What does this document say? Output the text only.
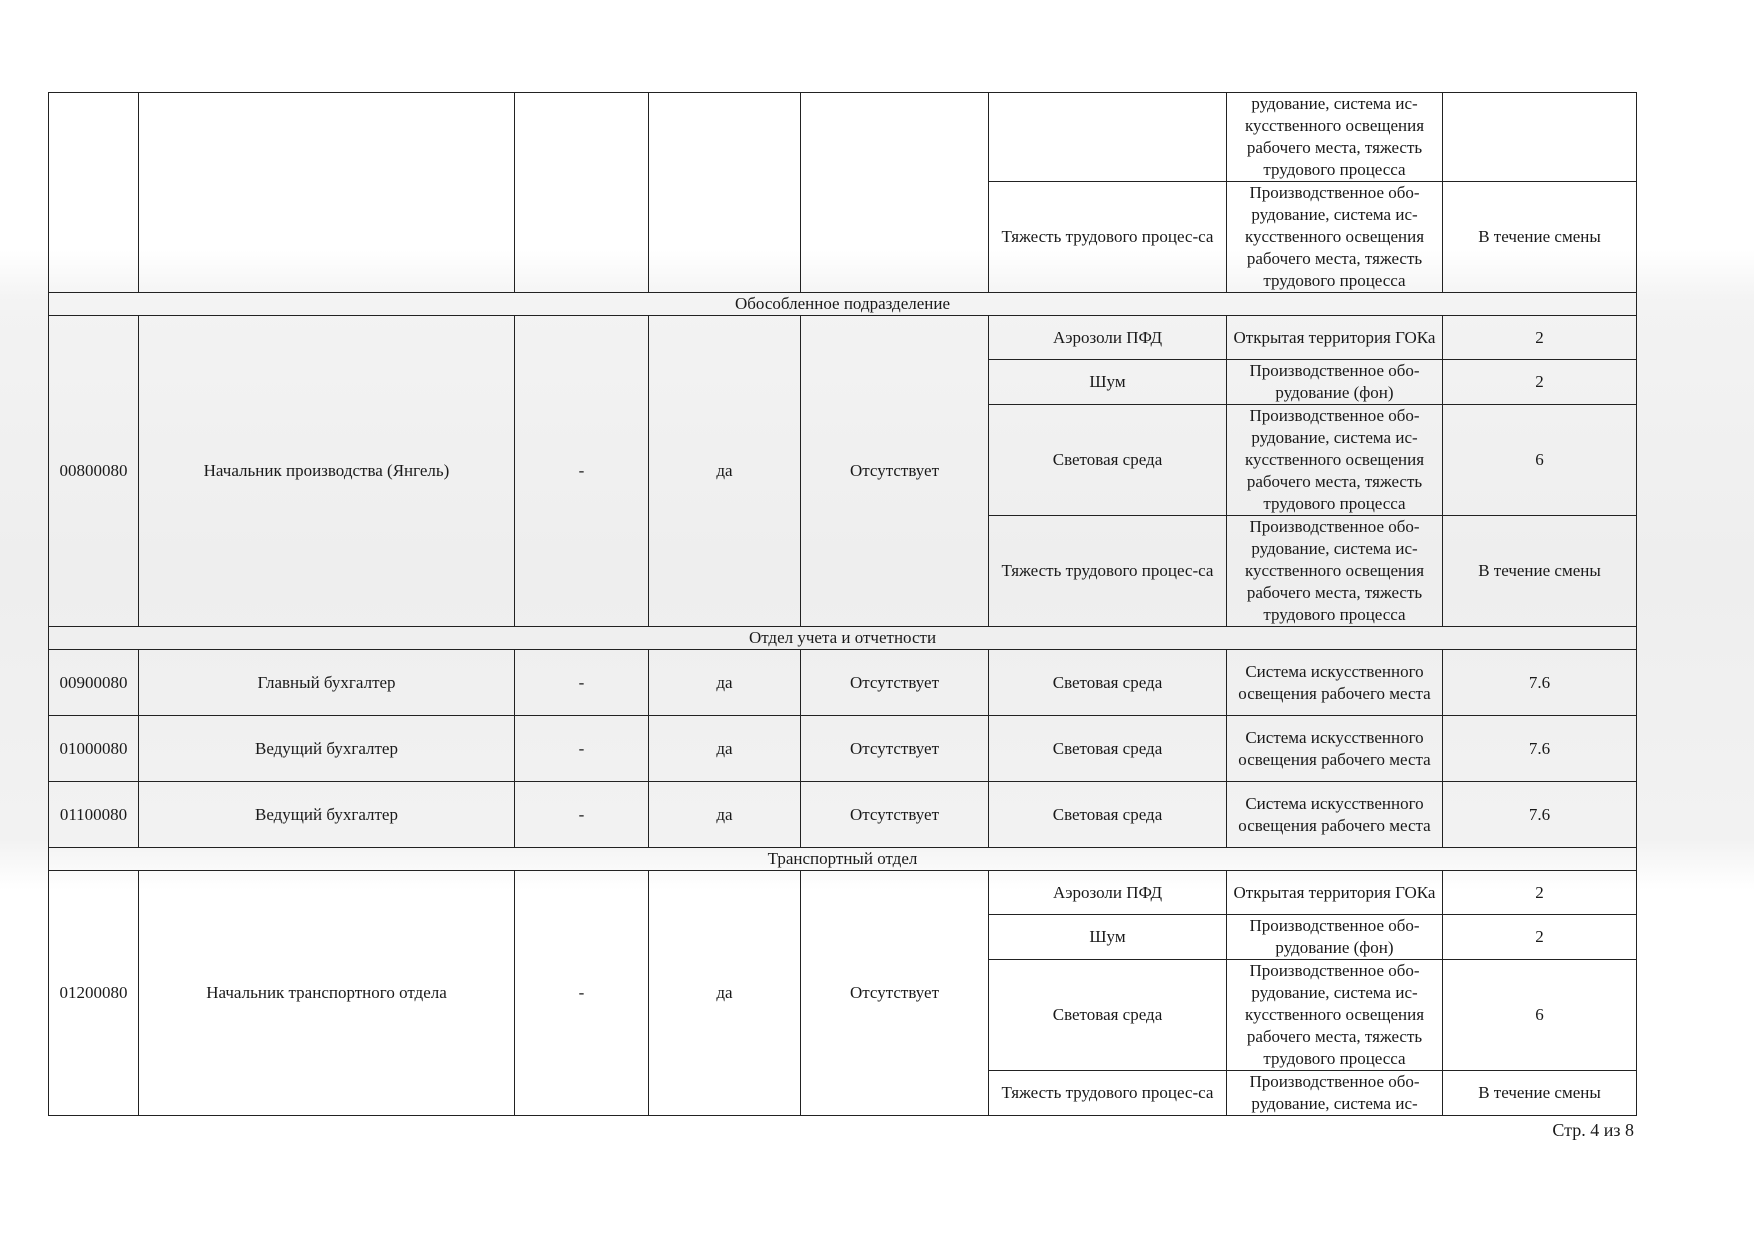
						рудование, система ис-кусственного освещения рабочего места, тяжесть трудового процесса	
					Тяжесть трудового процес-са	Производственное обо-рудование, система ис-кусственного освещения рабочего места, тяжесть трудового процесса	В течение смены
Обособленное подразделение							
00800080	Начальник производства (Янгель)	-	да	Отсутствует	Аэрозоли ПФД	Открытая территория ГОКа	2
					Шум	Производственное обо-рудование (фон)	2
					Световая среда	Производственное обо-рудование, система ис-кусственного освещения рабочего места, тяжесть трудового процесса	6
					Тяжесть трудового процес-са	Производственное обо-рудование, система ис-кусственного освещения рабочего места, тяжесть трудового процесса	В течение смены
Отдел учета и отчетности							
00900080	Главный бухгалтер	-	да	Отсутствует	Световая среда	Система искусственного освещения рабочего места	7.6
01000080	Ведущий бухгалтер	-	да	Отсутствует	Световая среда	Система искусственного освещения рабочего места	7.6
01100080	Ведущий бухгалтер	-	да	Отсутствует	Световая среда	Система искусственного освещения рабочего места	7.6
Транспортный отдел							
01200080	Начальник транспортного отдела	-	да	Отсутствует	Аэрозоли ПФД	Открытая территория ГОКа	2
					Шум	Производственное обо-рудование (фон)	2
					Световая среда	Производственное обо-рудование, система ис-кусственного освещения рабочего места, тяжесть трудового процесса	6
					Тяжесть трудового процес-са	Производственное обо-рудование, система ис-	В течение смены
Стр. 4 из 8
